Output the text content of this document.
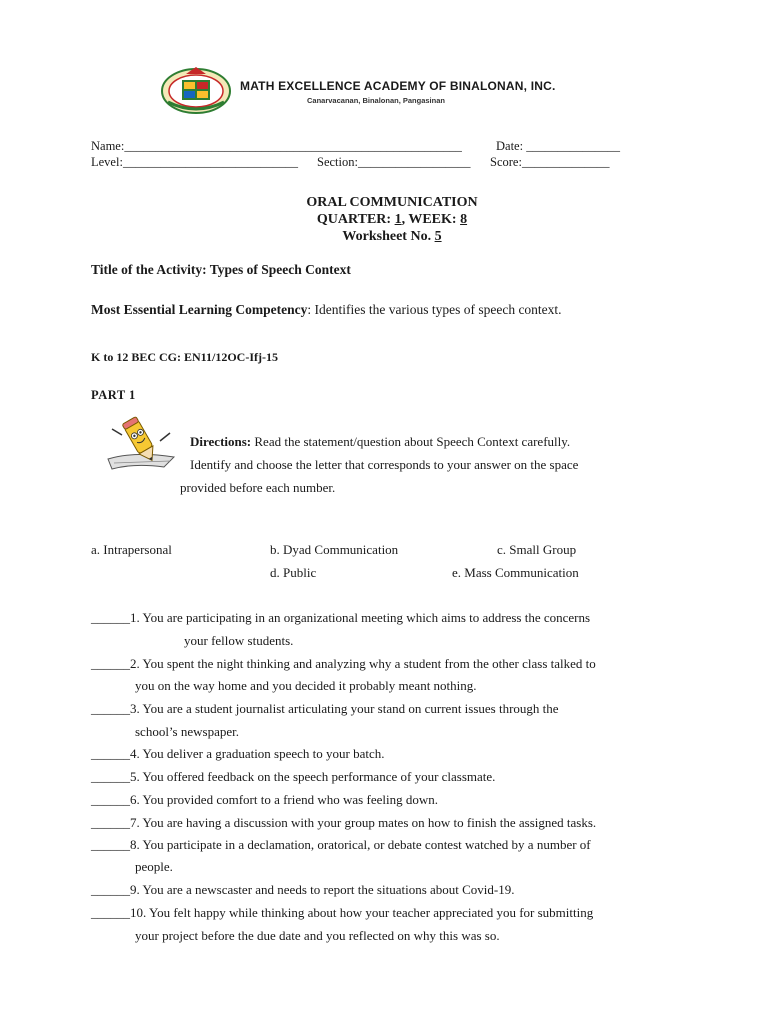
MATH EXCELLENCE ACADEMY OF BINALONAN, INC.
Canarvacanan, Binalonan, Pangasinan
Name:______________________________________________________	Date: _______________
Level:____________________________ Section:__________________ Score:______________
ORAL COMMUNICATION
QUARTER: 1, WEEK: 8
Worksheet No. 5
Title of the Activity: Types of Speech Context
Most Essential Learning Competency: Identifies the various types of speech context.
K to 12 BEC CG: EN11/12OC-Ifj-15
PART 1
Directions: Read the statement/question about Speech Context carefully.
Identify and choose the letter that corresponds to your answer on the space
provided before each number.
a. Intrapersonal	b. Dyad Communication	c. Small Group
d. Public	e. Mass Communication
______1. You are participating in an organizational meeting which aims to address the concerns
your fellow students.
______2. You spent the night thinking and analyzing why a student from the other class talked to
you on the way home and you decided it probably meant nothing.
______3. You are a student journalist articulating your stand on current issues through the
school’s newspaper.
______4. You deliver a graduation speech to your batch.
______5. You offered feedback on the speech performance of your classmate.
______6. You provided comfort to a friend who was feeling down.
______7. You are having a discussion with your group mates on how to finish the assigned tasks.
______8. You participate in a declamation, oratorical, or debate contest watched by a number of
people.
______9. You are a newscaster and needs to report the situations about Covid-19.
______10. You felt happy while thinking about how your teacher appreciated you for submitting
your project before the due date and you reflected on why this was so.
